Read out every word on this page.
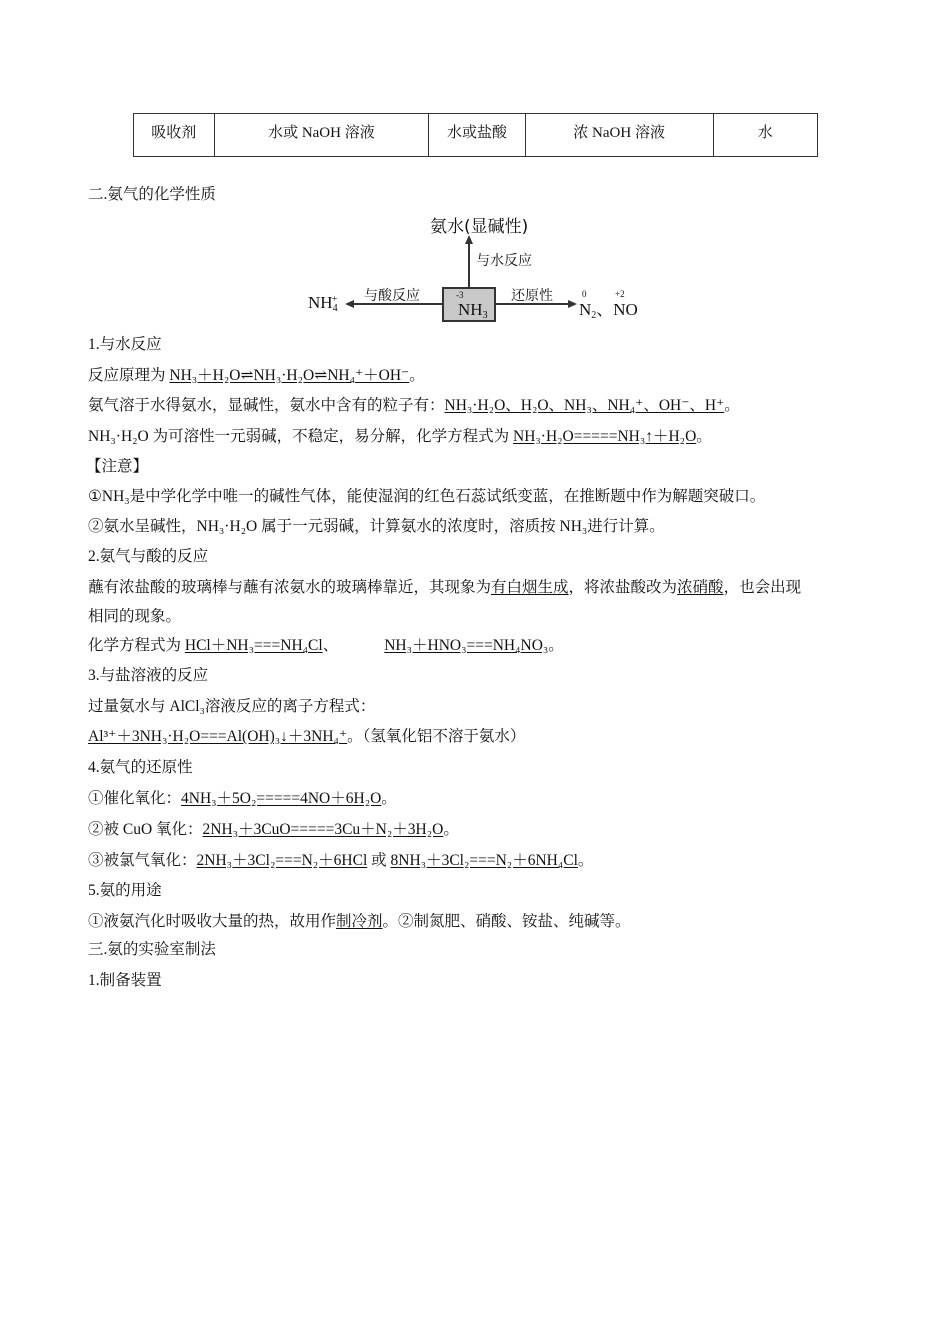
吸收剂	水或 NaOH 溶液	水或盐酸	浓 NaOH 溶液	水
二.氨气的化学性质
氨水(显碱性)
与水反应
$NH_4^+$ 与酸反应	-3
$NH_3$
还原性	0
$N_2$、NO
+2
1.与水反应
反应原理为 NH₃＋H₂O⇌NH₃·H₂O⇌NH₄⁺＋OH⁻。
氨气溶于水得氨水，显碱性，氨水中含有的粒子有：NH₃·H₂O、H₂O、NH₃、NH₄⁺、OH⁻、H⁺。
NH₃·H₂O 为可溶性一元弱碱，不稳定，易分解，化学方程式为 NH₃·H₂O=====NH₃↑＋H₂O。
【注意】
①NH₃是中学化学中唯一的碱性气体，能使湿润的红色石蕊试纸变蓝，在推断题中作为解题突破口。
②氨水呈碱性，NH₃·H₂O 属于一元弱碱，计算氨水的浓度时，溶质按 NH₃进行计算。
2.氨气与酸的反应
蘸有浓盐酸的玻璃棒与蘸有浓氨水的玻璃棒靠近，其现象为有白烟生成，将浓盐酸改为浓硝酸，也会出现
相同的现象。
化学方程式为 HCl＋NH₃===NH₄Cl、	NH₃＋HNO₃===NH₄NO₃。
3.与盐溶液的反应
过量氨水与 AlCl₃溶液反应的离子方程式：
Al³⁺＋3NH₃·H₂O===Al(OH)₃↓＋3NH₄⁺。（氢氧化铝不溶于氨水）
4.氨气的还原性
①催化氧化：4NH₃＋5O₂=====4NO＋6H₂O。
②被 CuO 氧化：2NH₃＋3CuO=====3Cu＋N₂＋3H₂O。
③被氯气氧化：2NH₃＋3Cl₂===N₂＋6HCl 或 8NH₃＋3Cl₂===N₂＋6NH₄Cl。
5.氨的用途
①液氨汽化时吸收大量的热，故用作制冷剂。②制氮肥、硝酸、铵盐、纯碱等。
三.氨的实验室制法
1.制备装置
